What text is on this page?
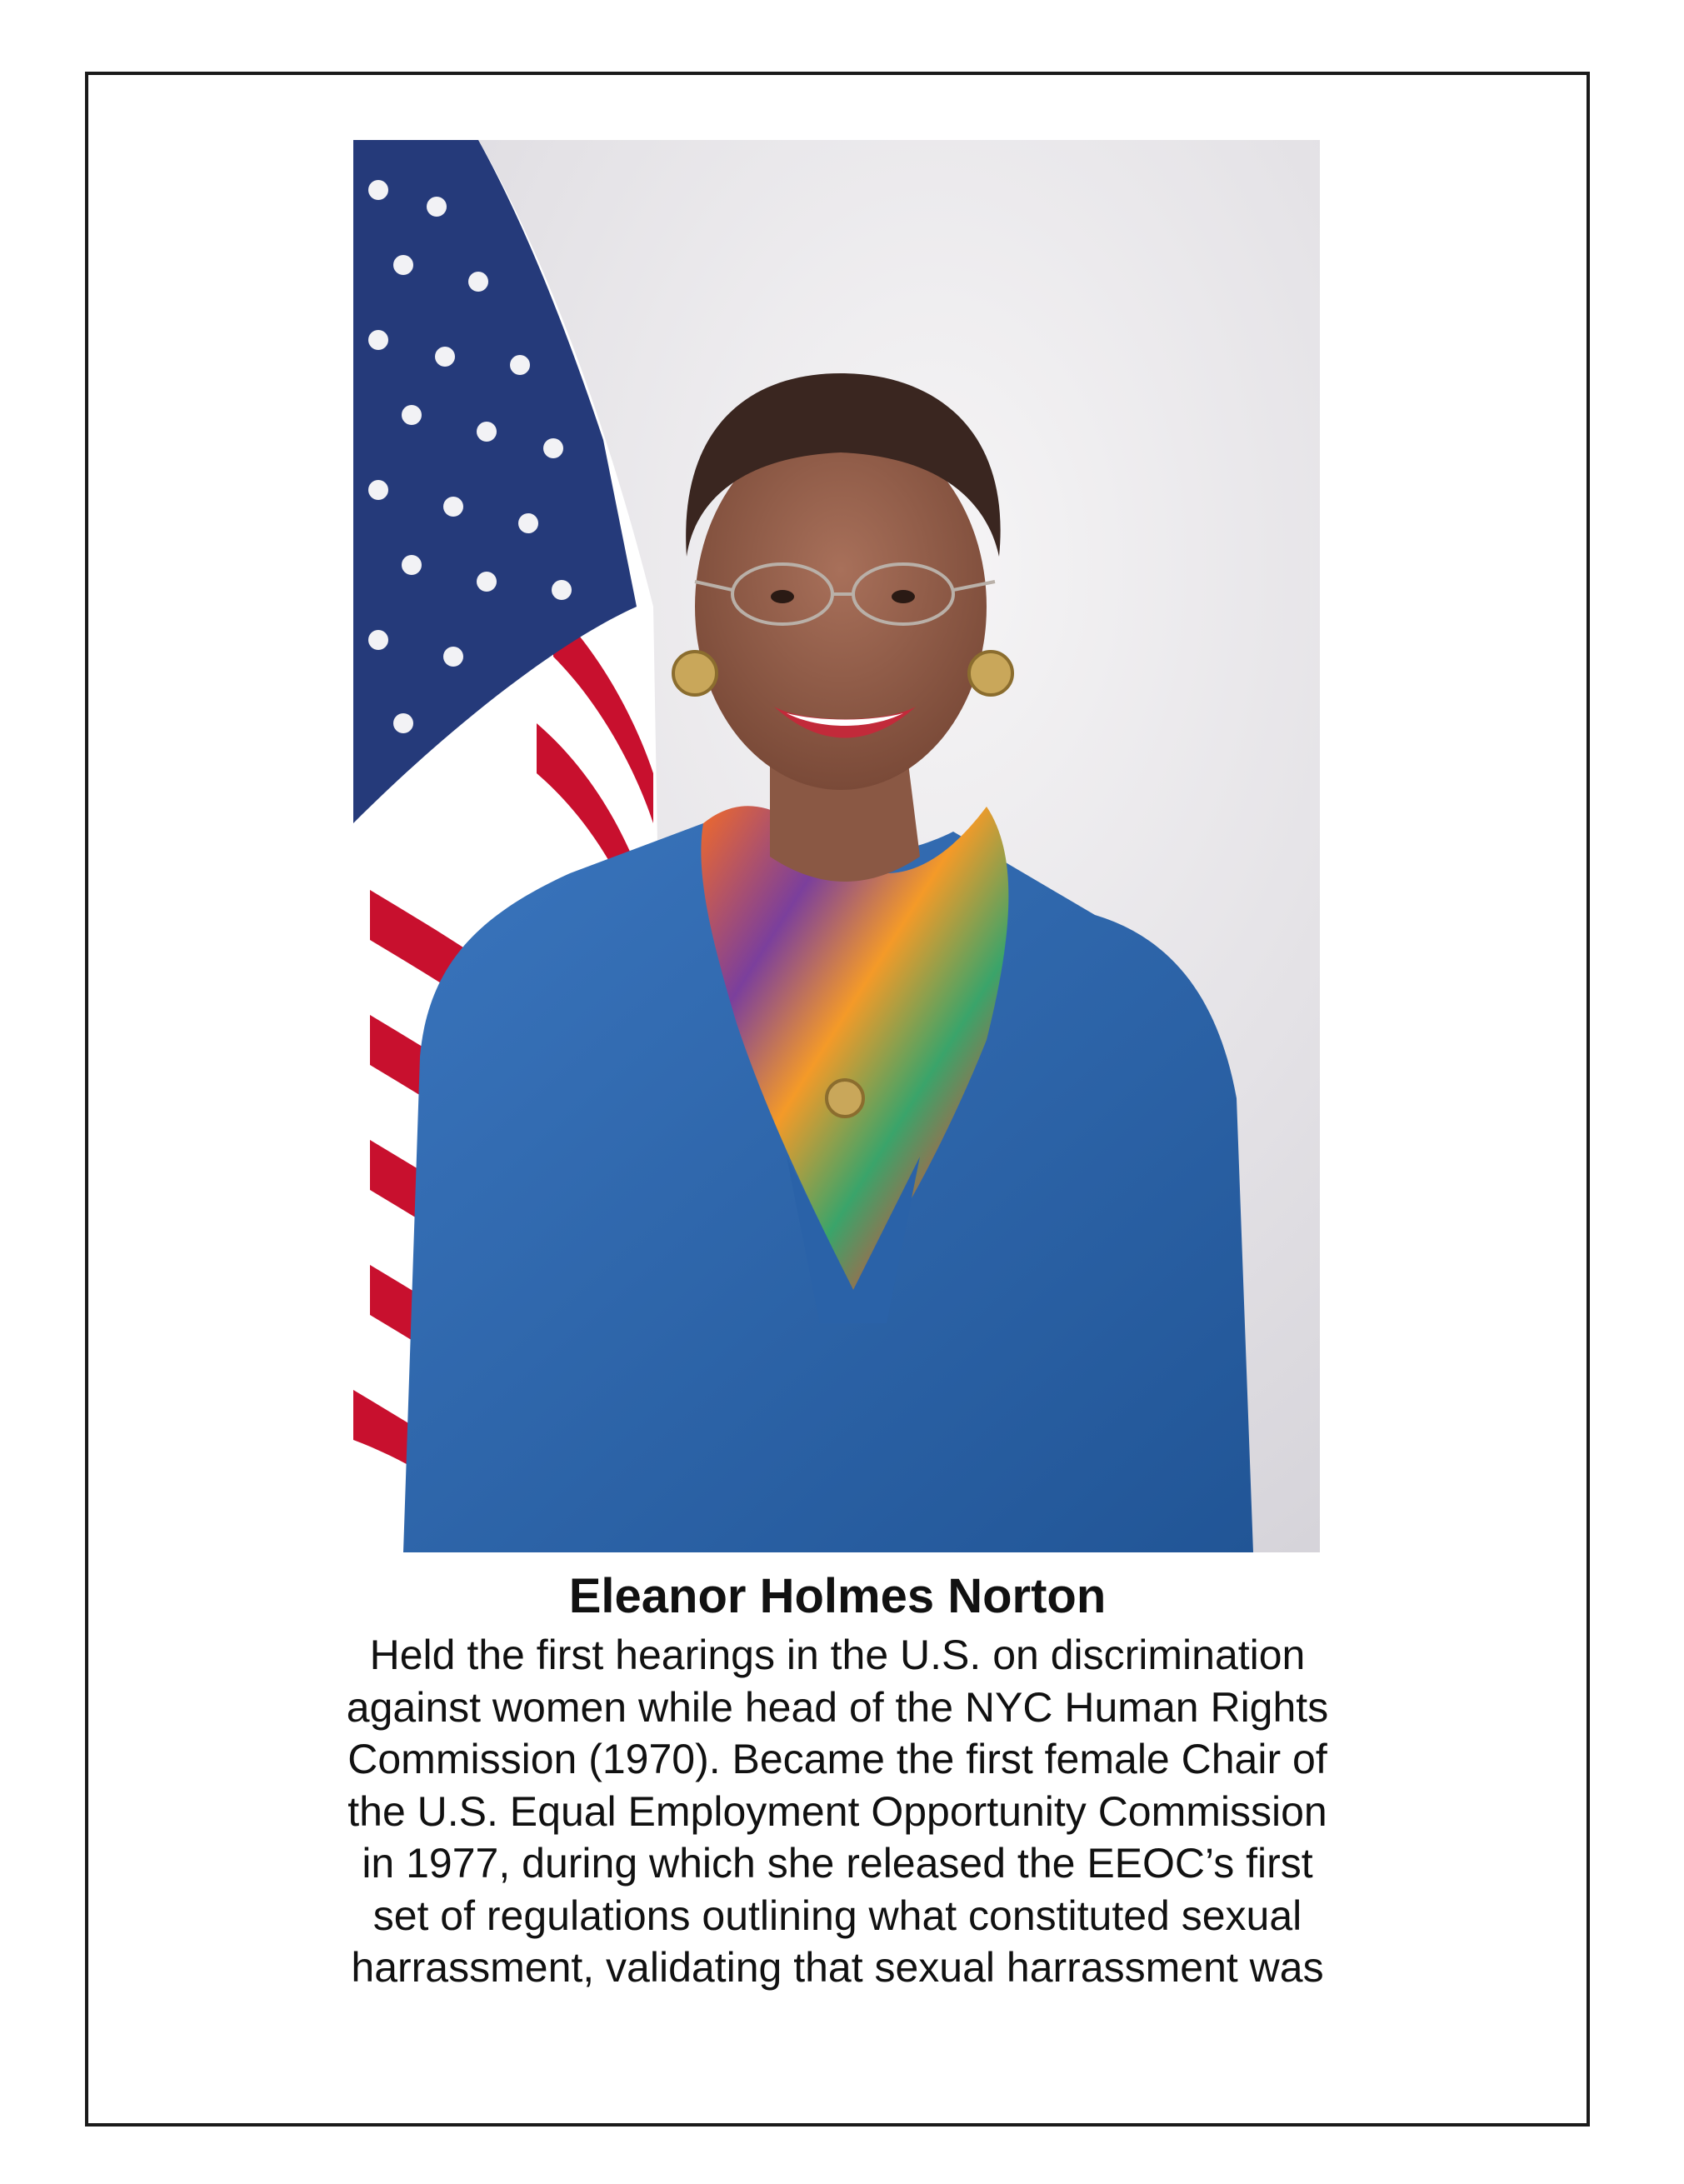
Eleanor Holmes Norton
Held the first hearings in the U.S. on discrimination
against women while head of the NYC Human Rights
Commission (1970). Became the first female Chair of
the U.S. Equal Employment Opportunity Commission
in 1977, during which she released the EEOC’s first
set of regulations outlining what constituted sexual
harrassment, validating that sexual harrassment was
